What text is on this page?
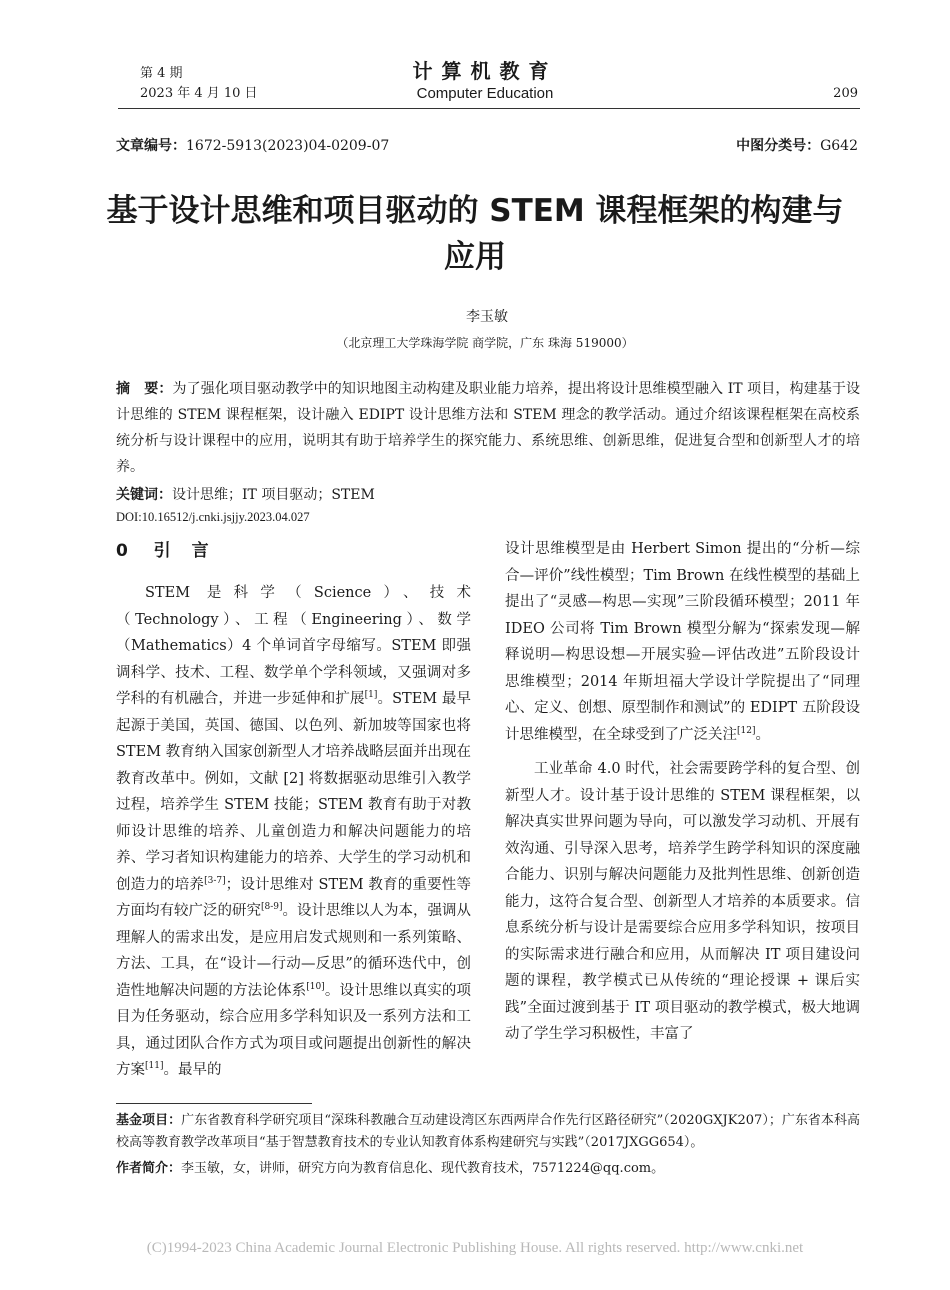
第 4 期
2023 年 4 月 10 日
计算机教育
Computer Education	209
文章编号：1672-5913(2023)04-0209-07	中图分类号：G642
基于设计思维和项目驱动的 STEM 课程框架的构建与应用
李玉敏
（北京理工大学珠海学院 商学院，广东 珠海 519000）
摘　要：为了强化项目驱动教学中的知识地图主动构建及职业能力培养，提出将设计思维模型融入 IT 项目，构建基于设计思维的 STEM 课程框架，设计融入 EDIPT 设计思维方法和 STEM 理念的教学活动。通过介绍该课程框架在高校系统分析与设计课程中的应用，说明其有助于培养学生的探究能力、系统思维、创新思维，促进复合型和创新型人才的培养。
关键词：设计思维；IT 项目驱动；STEM
DOI:10.16512/j.cnki.jsjjy.2023.04.027
0 引　言

STEM 是科学（Science）、技术（Technology）、工程（Engineering）、数学（Mathematics）4 个单词首字母缩写。STEM 即强调科学、技术、工程、数学单个学科领域，又强调对多学科的有机融合，并进一步延伸和扩展[1]。STEM 最早起源于美国，英国、德国、以色列、新加坡等国家也将 STEM 教育纳入国家创新型人才培养战略层面并出现在教育改革中。例如，文献 [2] 将数据驱动思维引入教学过程，培养学生 STEM 技能；STEM 教育有助于对教师设计思维的培养、儿童创造力和解决问题能力的培养、学习者知识构建能力的培养、大学生的学习动机和创造力的培养[3-7]；设计思维对 STEM 教育的重要性等方面均有较广泛的研究[8-9]。设计思维以人为本，强调从理解人的需求出发，是应用启发式规则和一系列策略、方法、工具，在“设计—行动—反思”的循环迭代中，创造性地解决问题的方法论体系[10]。设计思维以真实的项目为任务驱动，综合应用多学科知识及一系列方法和工具，通过团队合作方式为项目或问题提出创新性的解决方案[11]。最早的

设计思维模型是由 Herbert Simon 提出的“分析—综合—评价”线性模型；Tim Brown 在线性模型的基础上提出了“灵感—构思—实现”三阶段循环模型；2011 年 IDEO 公司将 Tim Brown 模型分解为“探索发现—解释说明—构思设想—开展实验—评估改进”五阶段设计思维模型；2014 年斯坦福大学设计学院提出了“同理心、定义、创想、原型制作和测试”的 EDIPT 五阶段设计思维模型，在全球受到了广泛关注[12]。

工业革命 4.0 时代，社会需要跨学科的复合型、创新型人才。设计基于设计思维的 STEM 课程框架，以解决真实世界问题为导向，可以激发学习动机、开展有效沟通、引导深入思考，培养学生跨学科知识的深度融合能力、识别与解决问题能力及批判性思维、创新创造能力，这符合复合型、创新型人才培养的本质要求。信息系统分析与设计是需要综合应用多学科知识，按项目的实际需求进行融合和应用，从而解决 IT 项目建设问题的课程，教学模式已从传统的“理论授课 + 课后实践”全面过渡到基于 IT 项目驱动的教学模式，极大地调动了学生学习积极性，丰富了

基金项目：广东省教育科学研究项目“深珠科教融合互动建设湾区东西两岸合作先行区路径研究”（2020GXJK207）；广东省本科高校高等教育教学改革项目“基于智慧教育技术的专业认知教育体系构建研究与实践”（2017JXGG654）。

作者简介：李玉敏，女，讲师，研究方向为教育信息化、现代教育技术，7571224@qq.com。

(C)1994-2023 China Academic Journal Electronic Publishing House. All rights reserved. http://www.cnki.net
